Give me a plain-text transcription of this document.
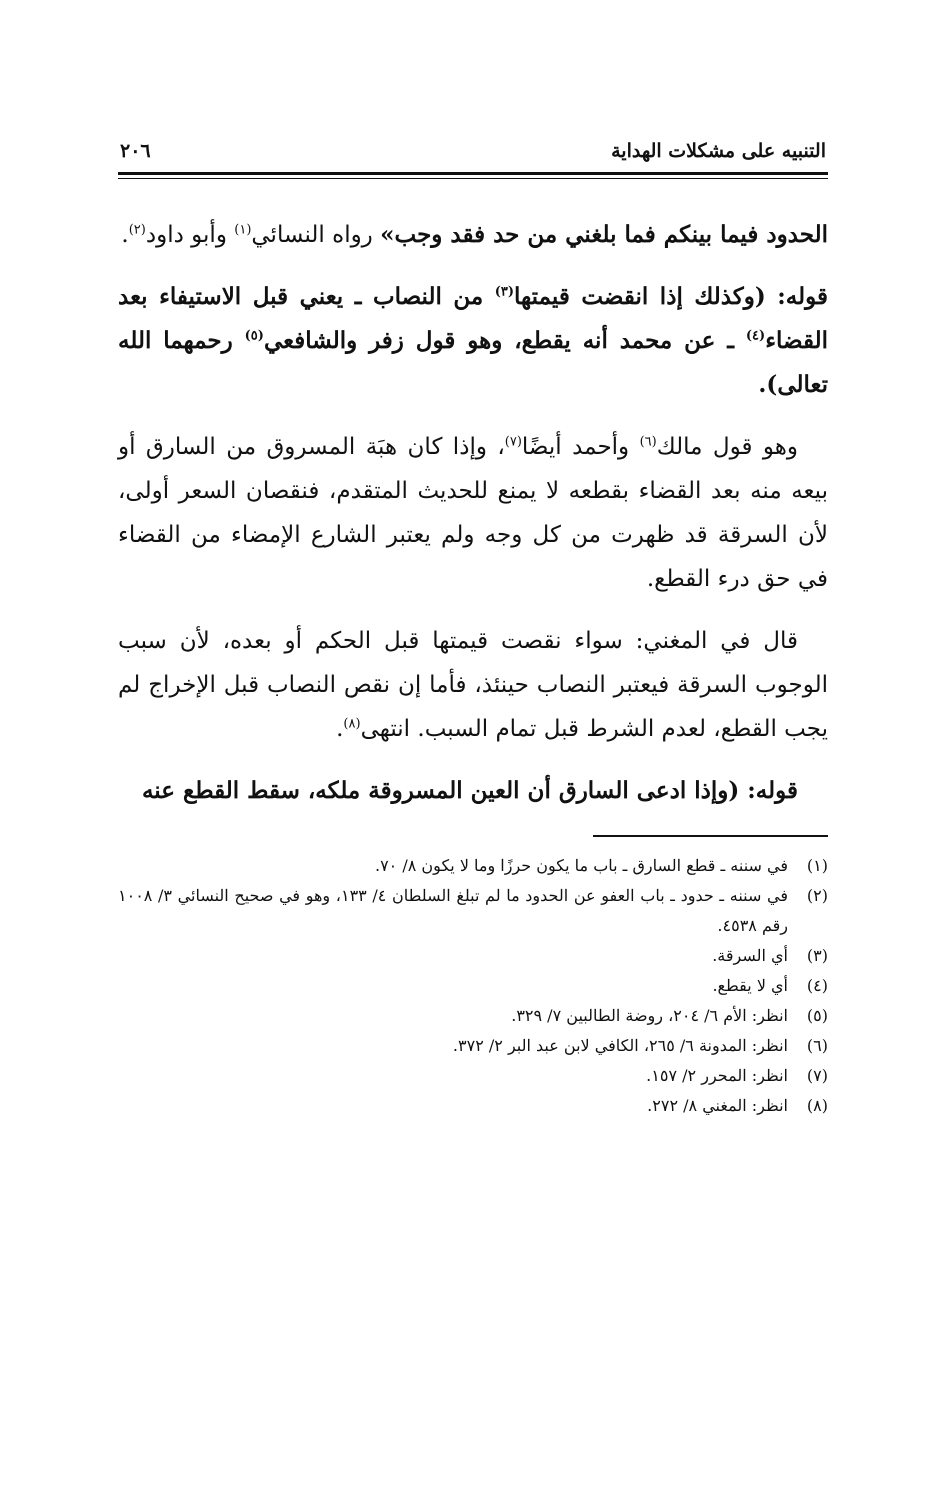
التنبيه على مشكلات الهداية
٢٠٦

الحدود فيما بينكم فما بلغني من حد فقد وجب» رواه النسائي$^{(١)}$ وأبو داود$^{(٢)}$.

قوله: (وكذلك إذا انقضت قيمتها$^{(٣)}$ من النصاب ـ يعني قبل الاستيفاء بعد القضاء$^{(٤)}$ ـ عن محمد أنه يقطع، وهو قول زفر والشافعي$^{(٥)}$ رحمهما الله تعالى).

وهو قول مالك$^{(٦)}$ وأحمد أيضًا$^{(٧)}$، وإذا كان هبَة المسروق من السارق أو بيعه منه بعد القضاء بقطعه لا يمنع للحديث المتقدم، فنقصان السعر أولى، لأن السرقة قد ظهرت من كل وجه ولم يعتبر الشارع الإمضاء من القضاء في حق درء القطع.

قال في المغني: سواء نقصت قيمتها قبل الحكم أو بعده، لأن سبب الوجوب السرقة فيعتبر النصاب حينئذ، فأما إن نقص النصاب قبل الإخراج لم يجب القطع، لعدم الشرط قبل تمام السبب. انتهى$^{(٨)}$.

قوله: (وإذا ادعى السارق أن العين المسروقة ملكه، سقط القطع عنه

(١)
في سننه ـ قطع السارق ـ باب ما يكون حرزًا وما لا يكون ٨/ ٧٠.
(٢)
في سننه ـ حدود ـ باب العفو عن الحدود ما لم تبلغ السلطان ٤/ ١٣٣، وهو في صحيح النسائي ٣/ ١٠٠٨ رقم ٤٥٣٨.
(٣)
أي السرقة.
(٤)
أي لا يقطع.
(٥)
انظر: الأم ٦/ ٢٠٤، روضة الطالبين ٧/ ٣٢٩.
(٦)
انظر: المدونة ٦/ ٢٦٥، الكافي لابن عبد البر ٢/ ٣٧٢.
(٧)
انظر: المحرر ٢/ ١٥٧.
(٨)
انظر: المغني ٨/ ٢٧٢.
